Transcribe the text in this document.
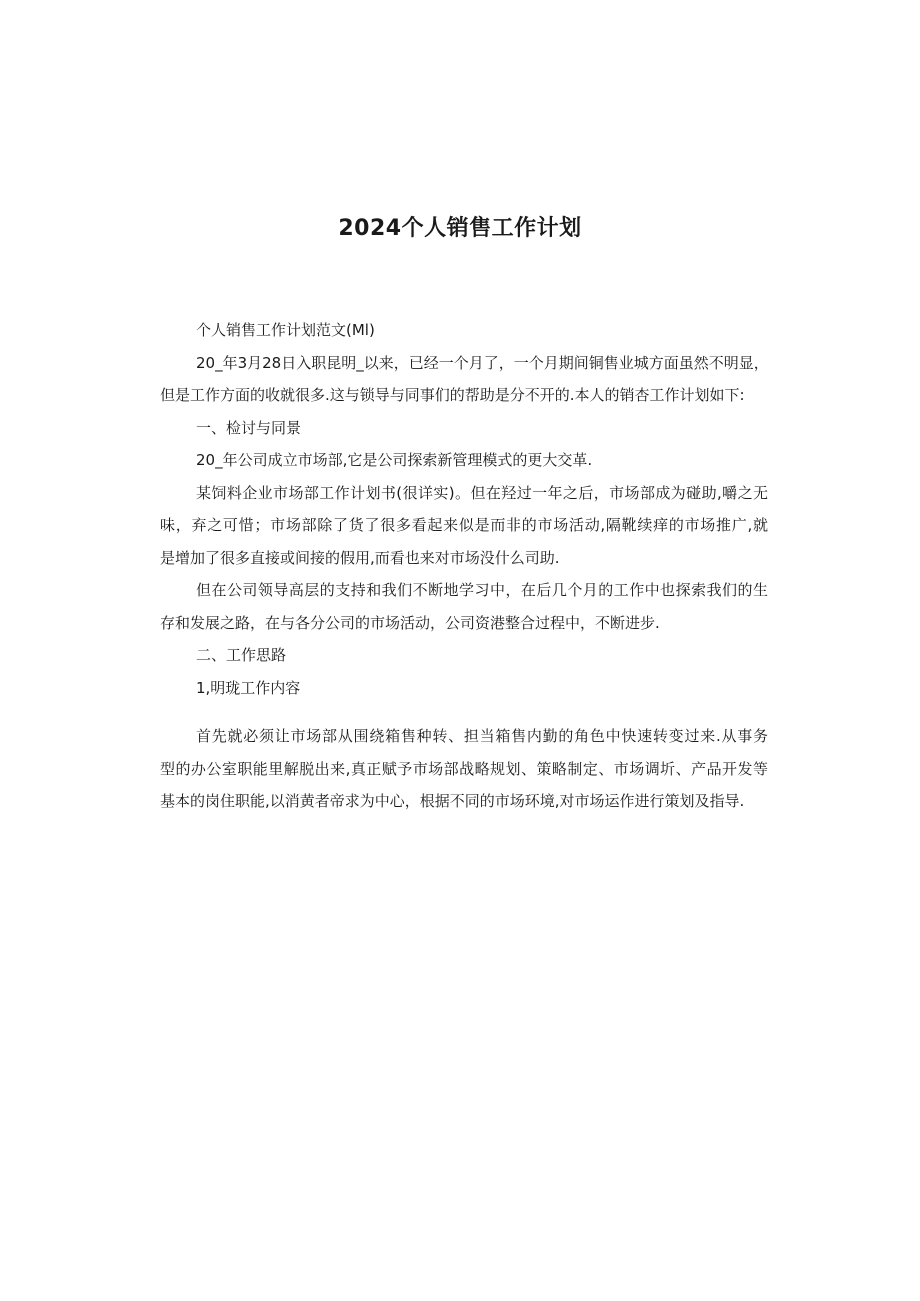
2024个人销售工作计划
个人销售工作计划范文(Ml)
20_年3月28日入职昆明_以来，已经一个月了，一个月期间铜售业城方面虽然不明显，
但是工作方面的收就很多.这与锁导与同事们的帮助是分不开的.本人的销杏工作计划如下:
一、检讨与同景
20_年公司成立市场部,它是公司探索新管理模式的更大交革.
某饲料企业市场部工作计划书(很详实)。但在羟过一年之后，市场部成为碰助,嚼之无
味，弃之可惜；市场部除了货了很多看起来似是而非的市场活动,隔靴续痒的市场推广,就
是增加了很多直接或间接的假用,而看也来对市场没什么司助.
但在公司领导高层的支持和我们不断地学习中，在后几个月的工作中也探索我们的生
存和发展之路，在与各分公司的市场活动，公司资港整合过程中，不断进步.
二、工作思路
1,明珑工作内容
首先就必须让市场部从围绕箱售种转、担当箱售内勤的角色中快速转变过来.从事务
型的办公室职能里解脱出来,真正赋予市场部战略规划、策略制定、市场调圻、产品开发等
基本的岗住职能,以消黄者帝求为中心，根据不同的市场环境,对市场运作进行策划及指导.
